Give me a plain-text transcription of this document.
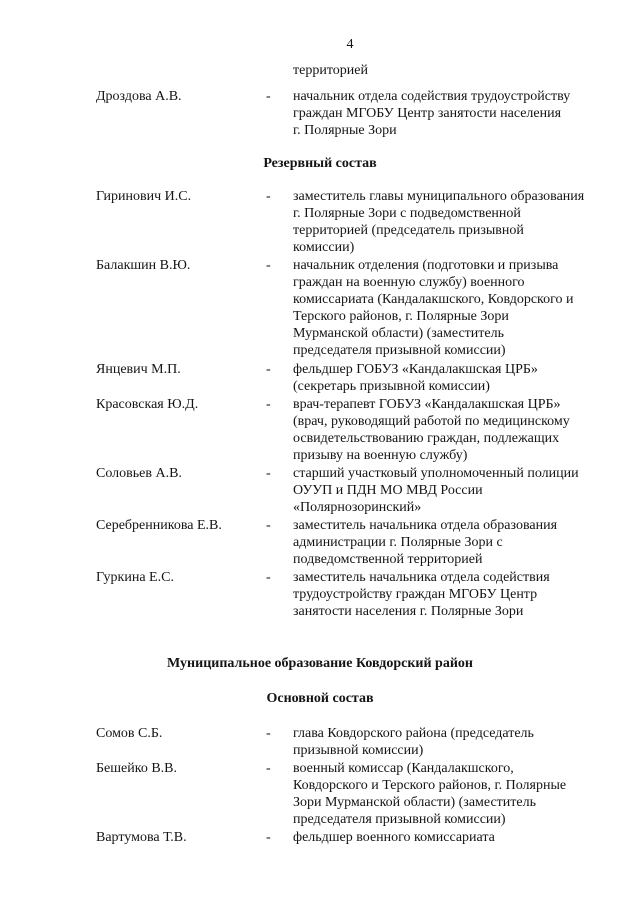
4
территорией
Дроздова А.В.	- начальник отдела содействия трудоустройству
граждан МГОБУ Центр занятости населения
г. Полярные Зори
Резервный состав
Гиринович И.С.	- заместитель главы муниципального образования
г. Полярные Зори с подведомственной
территорией (председатель призывной
комиссии)
Балакшин В.Ю.	- начальник отделения (подготовки и призыва
граждан на военную службу) военного
комиссариата (Кандалакшского, Ковдорского и
Терского районов, г. Полярные Зори
Мурманской области) (заместитель
председателя призывной комиссии)
Янцевич М.П.	- фельдшер ГОБУЗ «Кандалакшская ЦРБ»
(секретарь призывной комиссии)
Красовская Ю.Д.	- врач-терапевт ГОБУЗ «Кандалакшская ЦРБ»
(врач, руководящий работой по медицинскому
освидетельствованию граждан, подлежащих
призыву на военную службу)
Соловьев А.В.	- старший участковый уполномоченный полиции
ОУУП и ПДН МО МВД России
«Полярнозоринский»
Серебренникова Е.В.	- заместитель начальника отдела образования
администрации г. Полярные Зори с
подведомственной территорией
Гуркина Е.С.	- заместитель начальника отдела содействия
трудоустройству граждан МГОБУ Центр
занятости населения г. Полярные Зори
Муниципальное образование Ковдорский район
Основной состав
Сомов С.Б.	- глава Ковдорского района (председатель
призывной комиссии)
Бешейко В.В.	- военный комиссар (Кандалакшского,
Ковдорского и Терского районов, г. Полярные
Зори Мурманской области) (заместитель
председателя призывной комиссии)
Вартумова Т.В.	- фельдшер военного комиссариата
